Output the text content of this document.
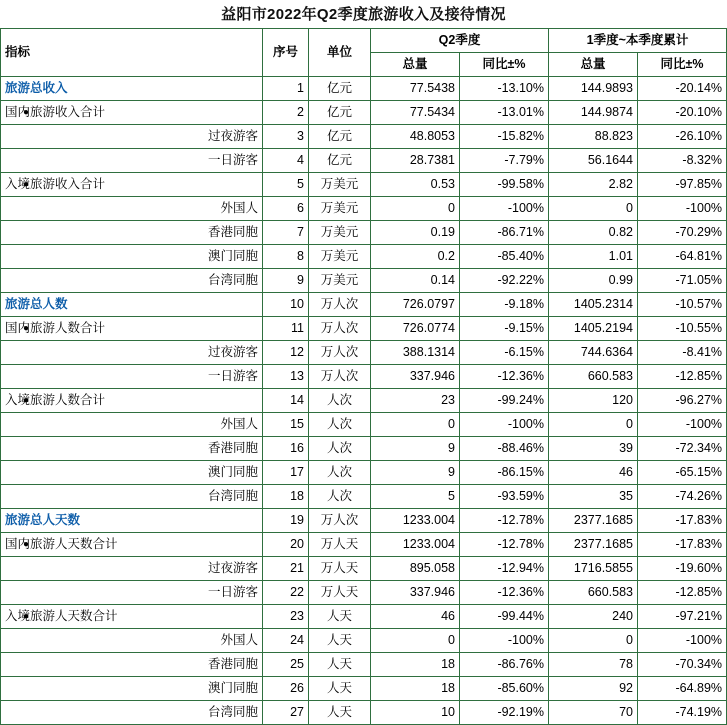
益阳市2022年Q2季度旅游收入及接待情况
指标	序号	单位	Q2季度		1季度~本季度累计	
			总量	同比±%	总量	同比±%
旅游总收入	1	亿元	77.5438	-13.10%	144.9893	-20.14%
● 国内旅游收入合计	2	亿元	77.5434	-13.01%	144.9874	-20.10%
过夜游客	3	亿元	48.8053	-15.82%	88.823	-26.10%
一日游客	4	亿元	28.7381	-7.79%	56.1644	-8.32%
● 入境旅游收入合计	5	万美元	0.53	-99.58%	2.82	-97.85%
外国人	6	万美元	0	-100%	0	-100%
香港同胞	7	万美元	0.19	-86.71%	0.82	-70.29%
澳门同胞	8	万美元	0.2	-85.40%	1.01	-64.81%
台湾同胞	9	万美元	0.14	-92.22%	0.99	-71.05%
旅游总人数	10	万人次	726.0797	-9.18%	1405.2314	-10.57%
● 国内旅游人数合计	11	万人次	726.0774	-9.15%	1405.2194	-10.55%
过夜游客	12	万人次	388.1314	-6.15%	744.6364	-8.41%
一日游客	13	万人次	337.946	-12.36%	660.583	-12.85%
● 入境旅游人数合计	14	人次	23	-99.24%	120	-96.27%
外国人	15	人次	0	-100%	0	-100%
香港同胞	16	人次	9	-88.46%	39	-72.34%
澳门同胞	17	人次	9	-86.15%	46	-65.15%
台湾同胞	18	人次	5	-93.59%	35	-74.26%
旅游总人天数	19	万人次	1233.004	-12.78%	2377.1685	-17.83%
● 国内旅游人天数合计	20	万人天	1233.004	-12.78%	2377.1685	-17.83%
过夜游客	21	万人天	895.058	-12.94%	1716.5855	-19.60%
一日游客	22	万人天	337.946	-12.36%	660.583	-12.85%
● 入境旅游人天数合计	23	人天	46	-99.44%	240	-97.21%
外国人	24	人天	0	-100%	0	-100%
香港同胞	25	人天	18	-86.76%	78	-70.34%
澳门同胞	26	人天	18	-85.60%	92	-64.89%
台湾同胞	27	人天	10	-92.19%	70	-74.19%
